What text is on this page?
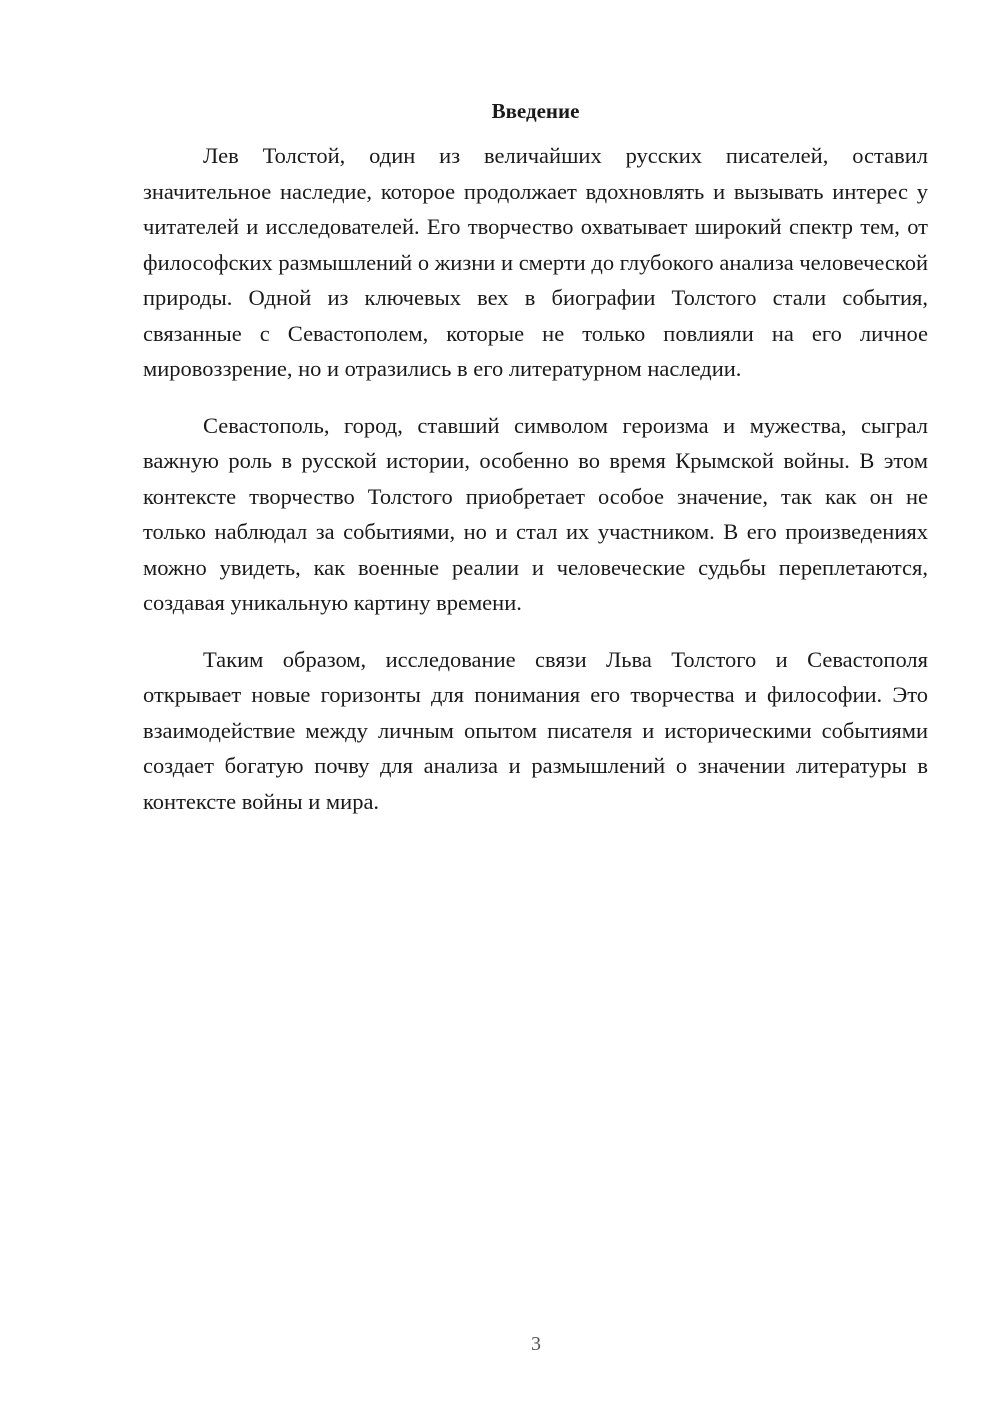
Введение

Лев Толстой, один из величайших русских писателей, оставил значительное наследие, которое продолжает вдохновлять и вызывать интерес у читателей и исследователей. Его творчество охватывает широкий спектр тем, от философских размышлений о жизни и смерти до глубокого анализа человеческой природы. Одной из ключевых вех в биографии Толстого стали события, связанные с Севастополем, которые не только повлияли на его личное мировоззрение, но и отразились в его литературном наследии.

Севастополь, город, ставший символом героизма и мужества, сыграл важную роль в русской истории, особенно во время Крымской войны. В этом контексте творчество Толстого приобретает особое значение, так как он не только наблюдал за событиями, но и стал их участником. В его произведениях можно увидеть, как военные реалии и человеческие судьбы переплетаются, создавая уникальную картину времени.

Таким образом, исследование связи Льва Толстого и Севастополя открывает новые горизонты для понимания его творчества и философии. Это взаимодействие между личным опытом писателя и историческими событиями создает богатую почву для анализа и размышлений о значении литературы в контексте войны и мира.

3
